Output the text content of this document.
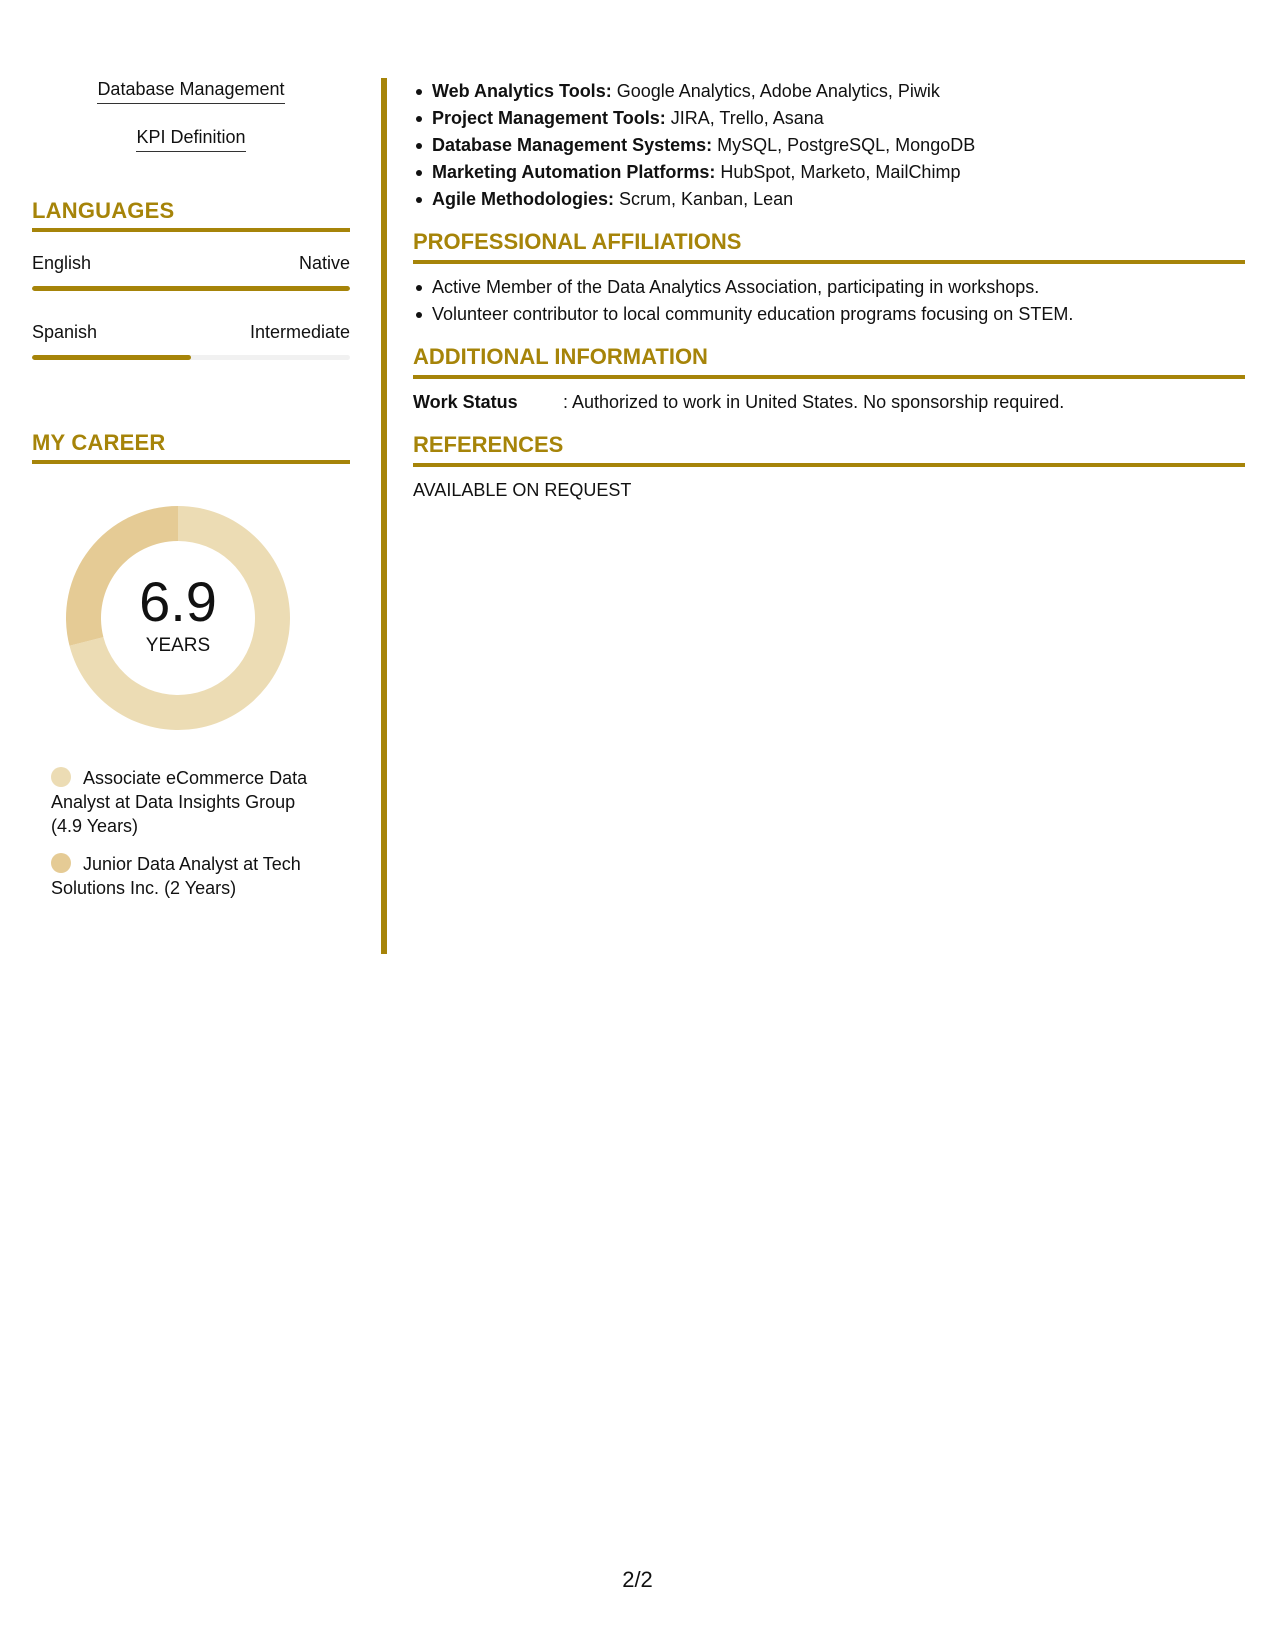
Database Management
KPI Definition
LANGUAGES
English	Native
Spanish	Intermediate
MY CAREER
6.9
YEARS
Associate eCommerce Data Analyst at Data Insights Group (4.9 Years)
Junior Data Analyst at Tech Solutions Inc. (2 Years)
Web Analytics Tools: Google Analytics, Adobe Analytics, Piwik
Project Management Tools: JIRA, Trello, Asana
Database Management Systems: MySQL, PostgreSQL, MongoDB
Marketing Automation Platforms: HubSpot, Marketo, MailChimp
Agile Methodologies: Scrum, Kanban, Lean
PROFESSIONAL AFFILIATIONS
Active Member of the Data Analytics Association, participating in workshops.
Volunteer contributor to local community education programs focusing on STEM.
ADDITIONAL INFORMATION
Work Status	: Authorized to work in United States. No sponsorship required.
REFERENCES
AVAILABLE ON REQUEST
2/2
